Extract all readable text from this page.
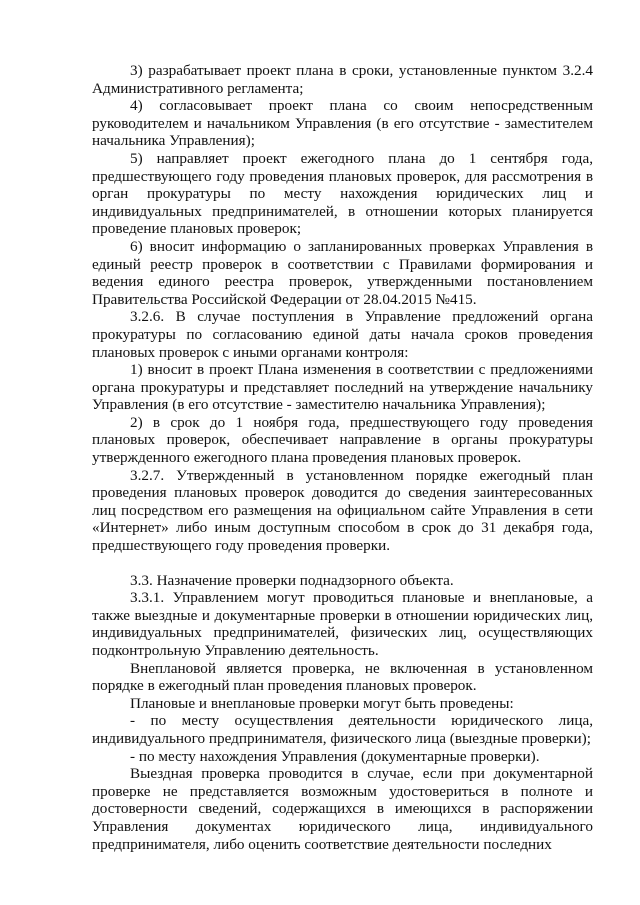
3) разрабатывает проект плана в сроки, установленные пунктом 3.2.4 Административного регламента;

4) согласовывает проект плана со своим непосредственным руководителем и начальником Управления (в его отсутствие - заместителем начальника Управления);

5) направляет проект ежегодного плана до 1 сентября года, предшествующего году проведения плановых проверок, для рассмотрения в орган прокуратуры по месту нахождения юридических лиц и индивидуальных предпринимателей, в отношении которых планируется проведение плановых проверок;

6) вносит информацию о запланированных проверках Управления в единый реестр проверок в соответствии с Правилами формирования и ведения единого реестра проверок, утвержденными постановлением Правительства Российской Федерации от 28.04.2015 №415.

3.2.6. В случае поступления в Управление предложений органа прокуратуры по согласованию единой даты начала сроков проведения плановых проверок с иными органами контроля:

1) вносит в проект Плана изменения в соответствии с предложениями органа прокуратуры и представляет последний на утверждение начальнику Управления (в его отсутствие - заместителю начальника Управления);

2) в срок до 1 ноября года, предшествующего году проведения плановых проверок, обеспечивает направление в органы прокуратуры утвержденного ежегодного плана проведения плановых проверок.

3.2.7. Утвержденный в установленном порядке ежегодный план проведения плановых проверок доводится до сведения заинтересованных лиц посредством его размещения на официальном сайте Управления в сети «Интернет» либо иным доступным способом в срок до 31 декабря года, предшествующего году проведения проверки.

3.3. Назначение проверки поднадзорного объекта.

3.3.1. Управлением могут проводиться плановые и внеплановые, а также выездные и документарные проверки в отношении юридических лиц, индивидуальных предпринимателей, физических лиц, осуществляющих подконтрольную Управлению деятельность.

Внеплановой является проверка, не включенная в установленном порядке в ежегодный план проведения плановых проверок.

Плановые и внеплановые проверки могут быть проведены:

- по месту осуществления деятельности юридического лица, индивидуального предпринимателя, физического лица (выездные проверки);

- по месту нахождения Управления (документарные проверки).

Выездная проверка проводится в случае, если при документарной проверке не представляется возможным удостовериться в полноте и достоверности сведений, содержащихся в имеющихся в распоряжении Управления документах юридического лица, индивидуального предпринимателя, либо оценить соответствие деятельности последних
